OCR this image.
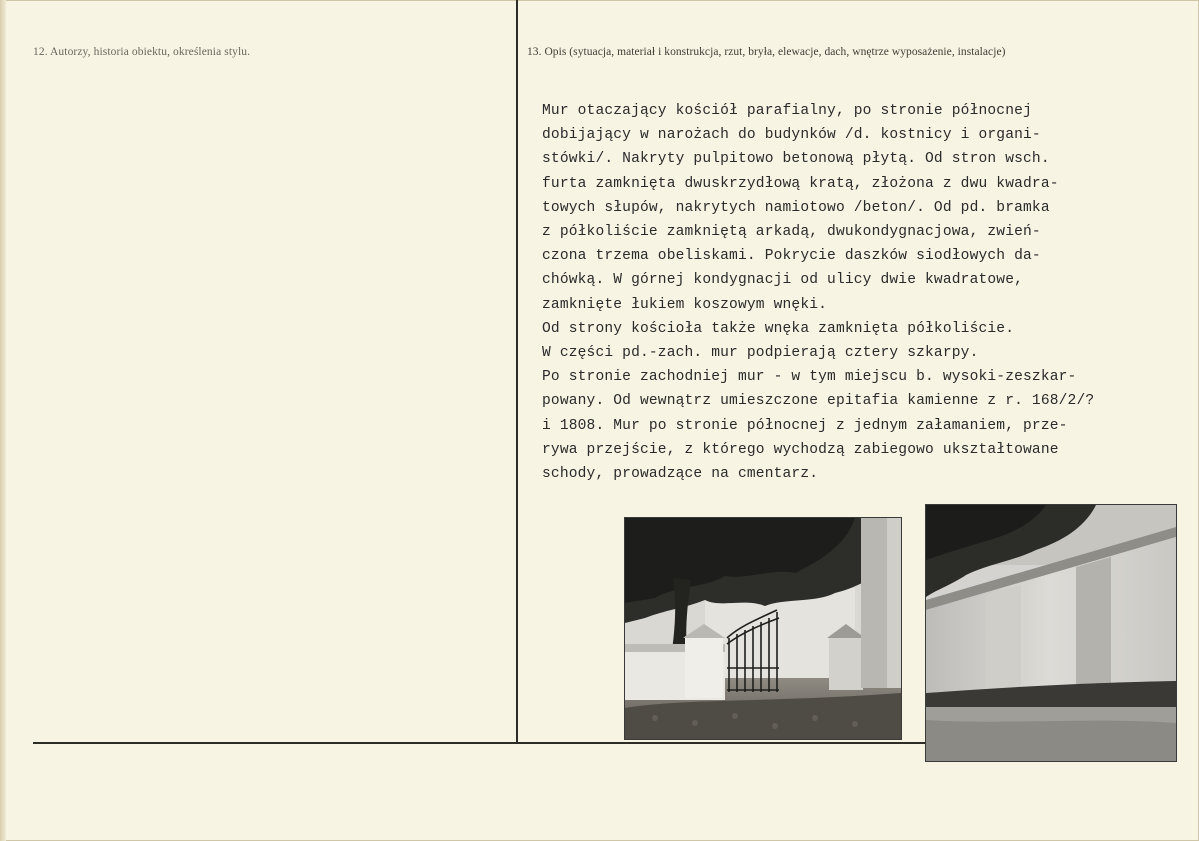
12. Autorzy, historia obiektu, określenia stylu.	13. Opis (sytuacja, materiał i konstrukcja, rzut, bryła, elewacje, dach, wnętrze wyposażenie, instalacje)
Mur otaczający kościół parafialny, po stronie północnej
dobijający w narożach do budynków /d. kostnicy i organi-
stówki/. Nakryty pulpitowo betonową płytą. Od stron wsch.
furta zamknięta dwuskrzydłową kratą, złożona z dwu kwadra-
towych słupów, nakrytych namiotowo /beton/. Od pd. bramka
z półkoliście zamkniętą arkadą, dwukondygnacjowa, zwień-
czona trzema obeliskami. Pokrycie daszków siodłowych da-
chówką. W górnej kondygnacji od ulicy dwie kwadratowe,
zamknięte łukiem koszowym wnęki.
Od strony kościoła także wnęka zamknięta półkoliście.
W części pd.-zach. mur podpierają cztery szkarpy.
Po stronie zachodniej mur - w tym miejscu b. wysoki-zeszkar-
powany. Od wewnątrz umieszczone epitafia kamienne z r. 168/2/?
i 1808. Mur po stronie północnej z jednym załamaniem, prze-
rywa przejście, z którego wychodzą zabiegowo ukształtowane
schody, prowadzące na cmentarz.
